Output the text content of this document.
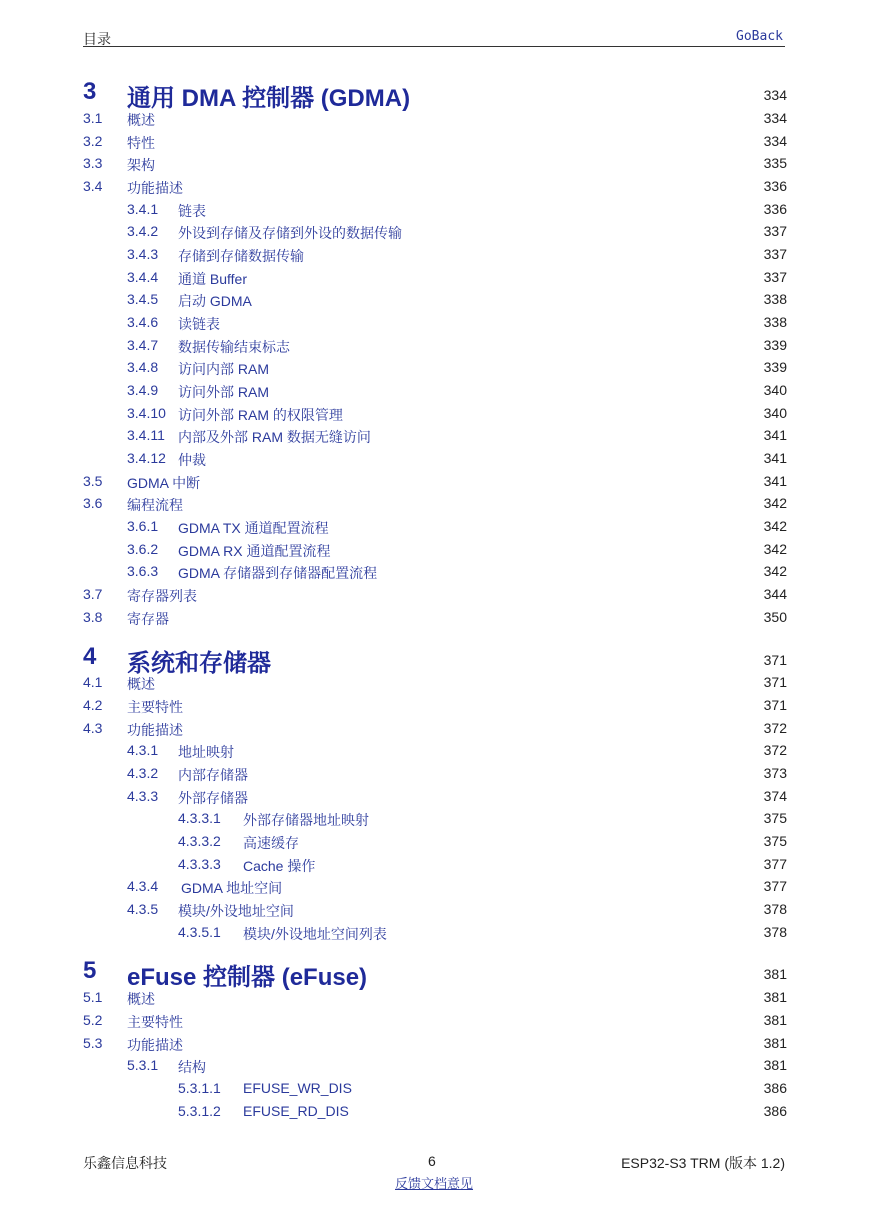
目录	GoBack
3 通用 DMA 控制器 (GDMA)	334
3.1 概述	334
3.2 特性	334
3.3 架构	335
3.4 功能描述	336
3.4.1 链表	336
3.4.2 外设到存储及存储到外设的数据传输	337
3.4.3 存储到存储数据传输	337
3.4.4 通道 Buffer	337
3.4.5 启动 GDMA	338
3.4.6 读链表	338
3.4.7 数据传输结束标志	339
3.4.8 访问内部 RAM	339
3.4.9 访问外部 RAM	340
3.4.10 访问外部 RAM 的权限管理	340
3.4.11 内部及外部 RAM 数据无缝访问	341
3.4.12 仲裁	341
3.5 GDMA 中断	341
3.6 编程流程	342
3.6.1 GDMA TX 通道配置流程	342
3.6.2 GDMA RX 通道配置流程	342
3.6.3 GDMA 存储器到存储器配置流程	342
3.7 寄存器列表	344
3.8 寄存器	350
4 系统和存储器	371
4.1 概述	371
4.2 主要特性	371
4.3 功能描述	372
4.3.1 地址映射	372
4.3.2 内部存储器	373
4.3.3 外部存储器	374
4.3.3.1 外部存储器地址映射	375
4.3.3.2 高速缓存	375
4.3.3.3 Cache 操作	377
4.3.4 GDMA 地址空间	377
4.3.5 模块/外设地址空间	378
4.3.5.1 模块/外设地址空间列表	378
5 eFuse 控制器 (eFuse)	381
5.1 概述	381
5.2 主要特性	381
5.3 功能描述	381
5.3.1 结构	381
5.3.1.1 EFUSE_WR_DIS	386
5.3.1.2 EFUSE_RD_DIS	386
乐鑫信息科技	6	ESP32-S3 TRM (版本 1.2)
反馈文档意见
